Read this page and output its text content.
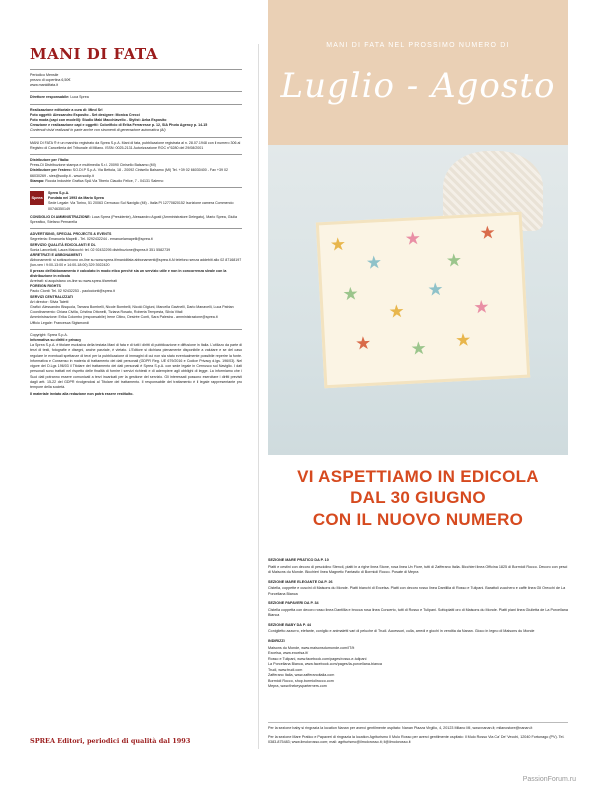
MANI DI FATA
Periodico Mensile
prezzo di copertina 6,50€
www.manidifata.it
Direttore responsabile: Luca Sprea
Realizzazione editoriale a cura di: Mind Srl
Foto oggetti: Alessandro Esposito - Set designer: Monica Crecci
Foto moda (capi con modelli): Studio Maki Macchiavello - Stylist: Aeka Esposito
Creazione e realizzazione capi e oggetti: Colorificio di Erika Ferraresse p. 12, SIA Photo Agency p. 14-15
Contenuti visivi realizzati in parte anche con strumenti di generazione automatica (AI)
MANI DI FATA ® è un marchio registrato da Sprea S.p.A. Mani di fata, pubblicazione registrata al n. 28.07.1948 con il numero 306 al Registro di Cancelleria del Tribunale di Milano. ISSN: 0025-2131 Autorizzazione ROC n°6280 del 29/08/2001
Distributore per l'Italia:
Press-Di Distribuzione stampa e multimedia S.r.l. 20090 Cinisello Balsamo (MI)
Distributore per l'estero: SO.DI.P S.p.A. Via Bettola, 18 - 20092 Cinisello Balsamo (MI) Tel. +39 02 66030400 - Fax +39 02 66030269 - sies@sodip.it - www.sodip.it
Stampa: Roccia Industrie Grafica SpA Via Tiberio Claudio Felice, 7 - 04131 Salerno
Sprea
Sprea S.p.A.
Fondata nel 1993 da Mario Sprea
Sede Legale: Via Torino, 51 20063 Cernusco Sul Naviglio (MI) - Italia PI 12770820152 Iscrizione camera Commercio 00746350149
CONSIGLIO DI AMMINISTRAZIONE: Luca Sprea (Presidente), Alessandro Agosti (Amministratore Delegato), Mario Sprea, Giulia Spreafico, Stefano Pernarella
ADVERTISING, SPECIAL PROJECTS & EVENTS
Segreteria: Emanuela Mapelli - Tel. 0292432244 - emanuelamapelli@sprea.it
SERVIZIO QUALITÀ EDICOLANTI E DL
Sonia Lancellotti, Laura Maiocchi: tel. 02 92432295 distribuzione@sprea.it 351 5582739
ARRETRATI E ABBONAMENTI
Abbonamenti: si sottoscrivono on-line su www.sprea.it/manidifata abbonamenti@sprea.it Al telefono senza addebiti allo 02 87168197 (lun-ven / 9:00-13:00 e 14:00-18:00) 329 3922420
Il prezzo dell'abbonamento è calcolato in modo etico perché sia un servizio utile e non in concorrenza sleale con la distribuzione in edicola
Arretrati: si acquistano on-line su www.sprea.it/arretrati
FOREIGN RIGHTS
Paolo Cionti: Tel. 02 92432253 - paolocionti@sprea.it
SERVIZI CENTRALIZZATI
Art director: Silvia Taietti
Grafici: Alessandro Bisquola, Tamara Bombelli, Nicole Bombelli, Nicolò Digiuni, Marcella Gavinelli, Dario Manavelli, Luca Patrian
Coordinamento: Chiara Civilla, Cristina Ottonelli, Tiziana Rosato, Roberta Tempesta, Silvia Vitali
Amministrazione: Erika Colombo (responsabile) Irene Citino, Desirée Conti, Sara Palestra - amministrazione@sprea.it
Ufficio Legale: Francesca Sigismondi
Copyright: Sprea S.p.A.
Informativa su diritti e privacy
La Sprea S.p.A. è titolare esclusiva della testata Mani di fata e di tutti i diritti di pubblicazione e diffusione in Italia. L'utilizzo da parte di terzi di testi, fotografie e disegni, anche parziale, è vietato. L'Editore si dichiara pienamente disponibile a valutare e se del caso regolare le eventuali spettanze di terzi per la pubblicazione di immagini di cui non sia stato eventualmente possibile reperire la fonte. Informativa e Consenso in materia di trattamento dei dati personali (GDPR Reg. UE 679/2016 e Codice Privacy d.lgs. 196/03). Nel vigore del D.Lgs 196/03 il Titolare del trattamento dei dati personali è Sprea S.p.A. con sede legale in Cernusco sul Naviglio. I dati personali sono trattati nel rispetto delle finalità di fornire i servizi richiesti e di adempiere agli obblighi di legge. La informiamo che i Suoi dati potranno essere comunicati a terzi incaricati per la gestione del servizio. Gli interessati possono esercitare i diritti previsti dagli artt. 15-22 del GDPR rivolgendosi al Titolare del trattamento. Il responsabile del trattamento è il legale rappresentante pro tempore della società.
Il materiale inviato alla redazione non potrà essere restituito.
SPREA Editori, periodici di qualità dal 1993
MANI DI FATA NEL PROSSIMO NUMERO DI
Luglio - Agosto
★
★
★
★
★
★
★
★
★
★ ★ ★
VI ASPETTIAMO IN EDICOLA
DAL 30 GIUGNO
CON IL NUOVO NUMERO
SEZIONE MARE PRATICO DA P. 10
Piatti e cestini con decoro di pesciolino Stencil, piatti in a righe linea Stone, rosa linea Un Fiore, tutti di Zafferano Italia. Bicchieri linea Officina 1825 di Bormioli Rocco. Decoro con pesci di Maisons du Monde. Bicchieri linea Magnetic Fantastic di Bormioli Rocco. Posate di Mepra
SEZIONE MARE ELEGANTE DA P. 26
Cistella, coppette e cuscini di Maisons du Monde. Piatti bianchi di Excelsa. Piatti con decoro rosso linea Dantillia di Rosso e Tulipani. Barattoli zucchero e caffè linea Gli Orecchi de La Porcellana Bianca
SEZIONE PAPAVERI DA P. 34
Cistella coppetta con decoro rosso linea Dantillia e brocca rosa linea Concerto, tutti di Rosso e Tulipani. Sottopiatti oro di Maisons du Monde. Piatti piani linea Giulietta de La Porcellana Bianca
SEZIONE BABY DA P. 44
Coniglietto azzurro, elefante, coniglio e animaletti vari di peluche di Trudi. Accessori, culla, arredi e giochi in vendita da Nanan. Gioco in legno di Maisons du Monde
INDIRIZZI
Maisons du Monde, www.maisonsdumonde.com/IT/it
Excelsa, www.excelsa.it/
Rosso e Tulipani, www.facebook.com/pages/rosso-e-tulipani
La Porcellana Bianca, www.facebook.com/pages/la-porcellana-bianca
Trudi, www.trudi.com
Zafferano Italia, www.zafferanoitalia.com
Bormioli Rocco, shop.bormiolirocco.com
Mepra, www.thekeysparterners.com
Per la sezione baby si ringrazia la location Nanan per averci gentilmente ospitato: Nanan Piazza Virgilio, 4, 20123 Milano MI, www.nanan.it; milanostore@nanan.it
Per la sezione Mare Pratico e Papaveri di ringrazia la location Agriturismo Il Mulo Rosso per averci gentilmente ospitato: Il Mulo Rosso Via Ca' De' Vecchi, 12040 Fortunago (PV). Tel. 0383-875483; www.ilmolorosso.com; mail: agriturismo@ilmolorosso.it; il@ilmolorosso.it
PassionForum.ru
